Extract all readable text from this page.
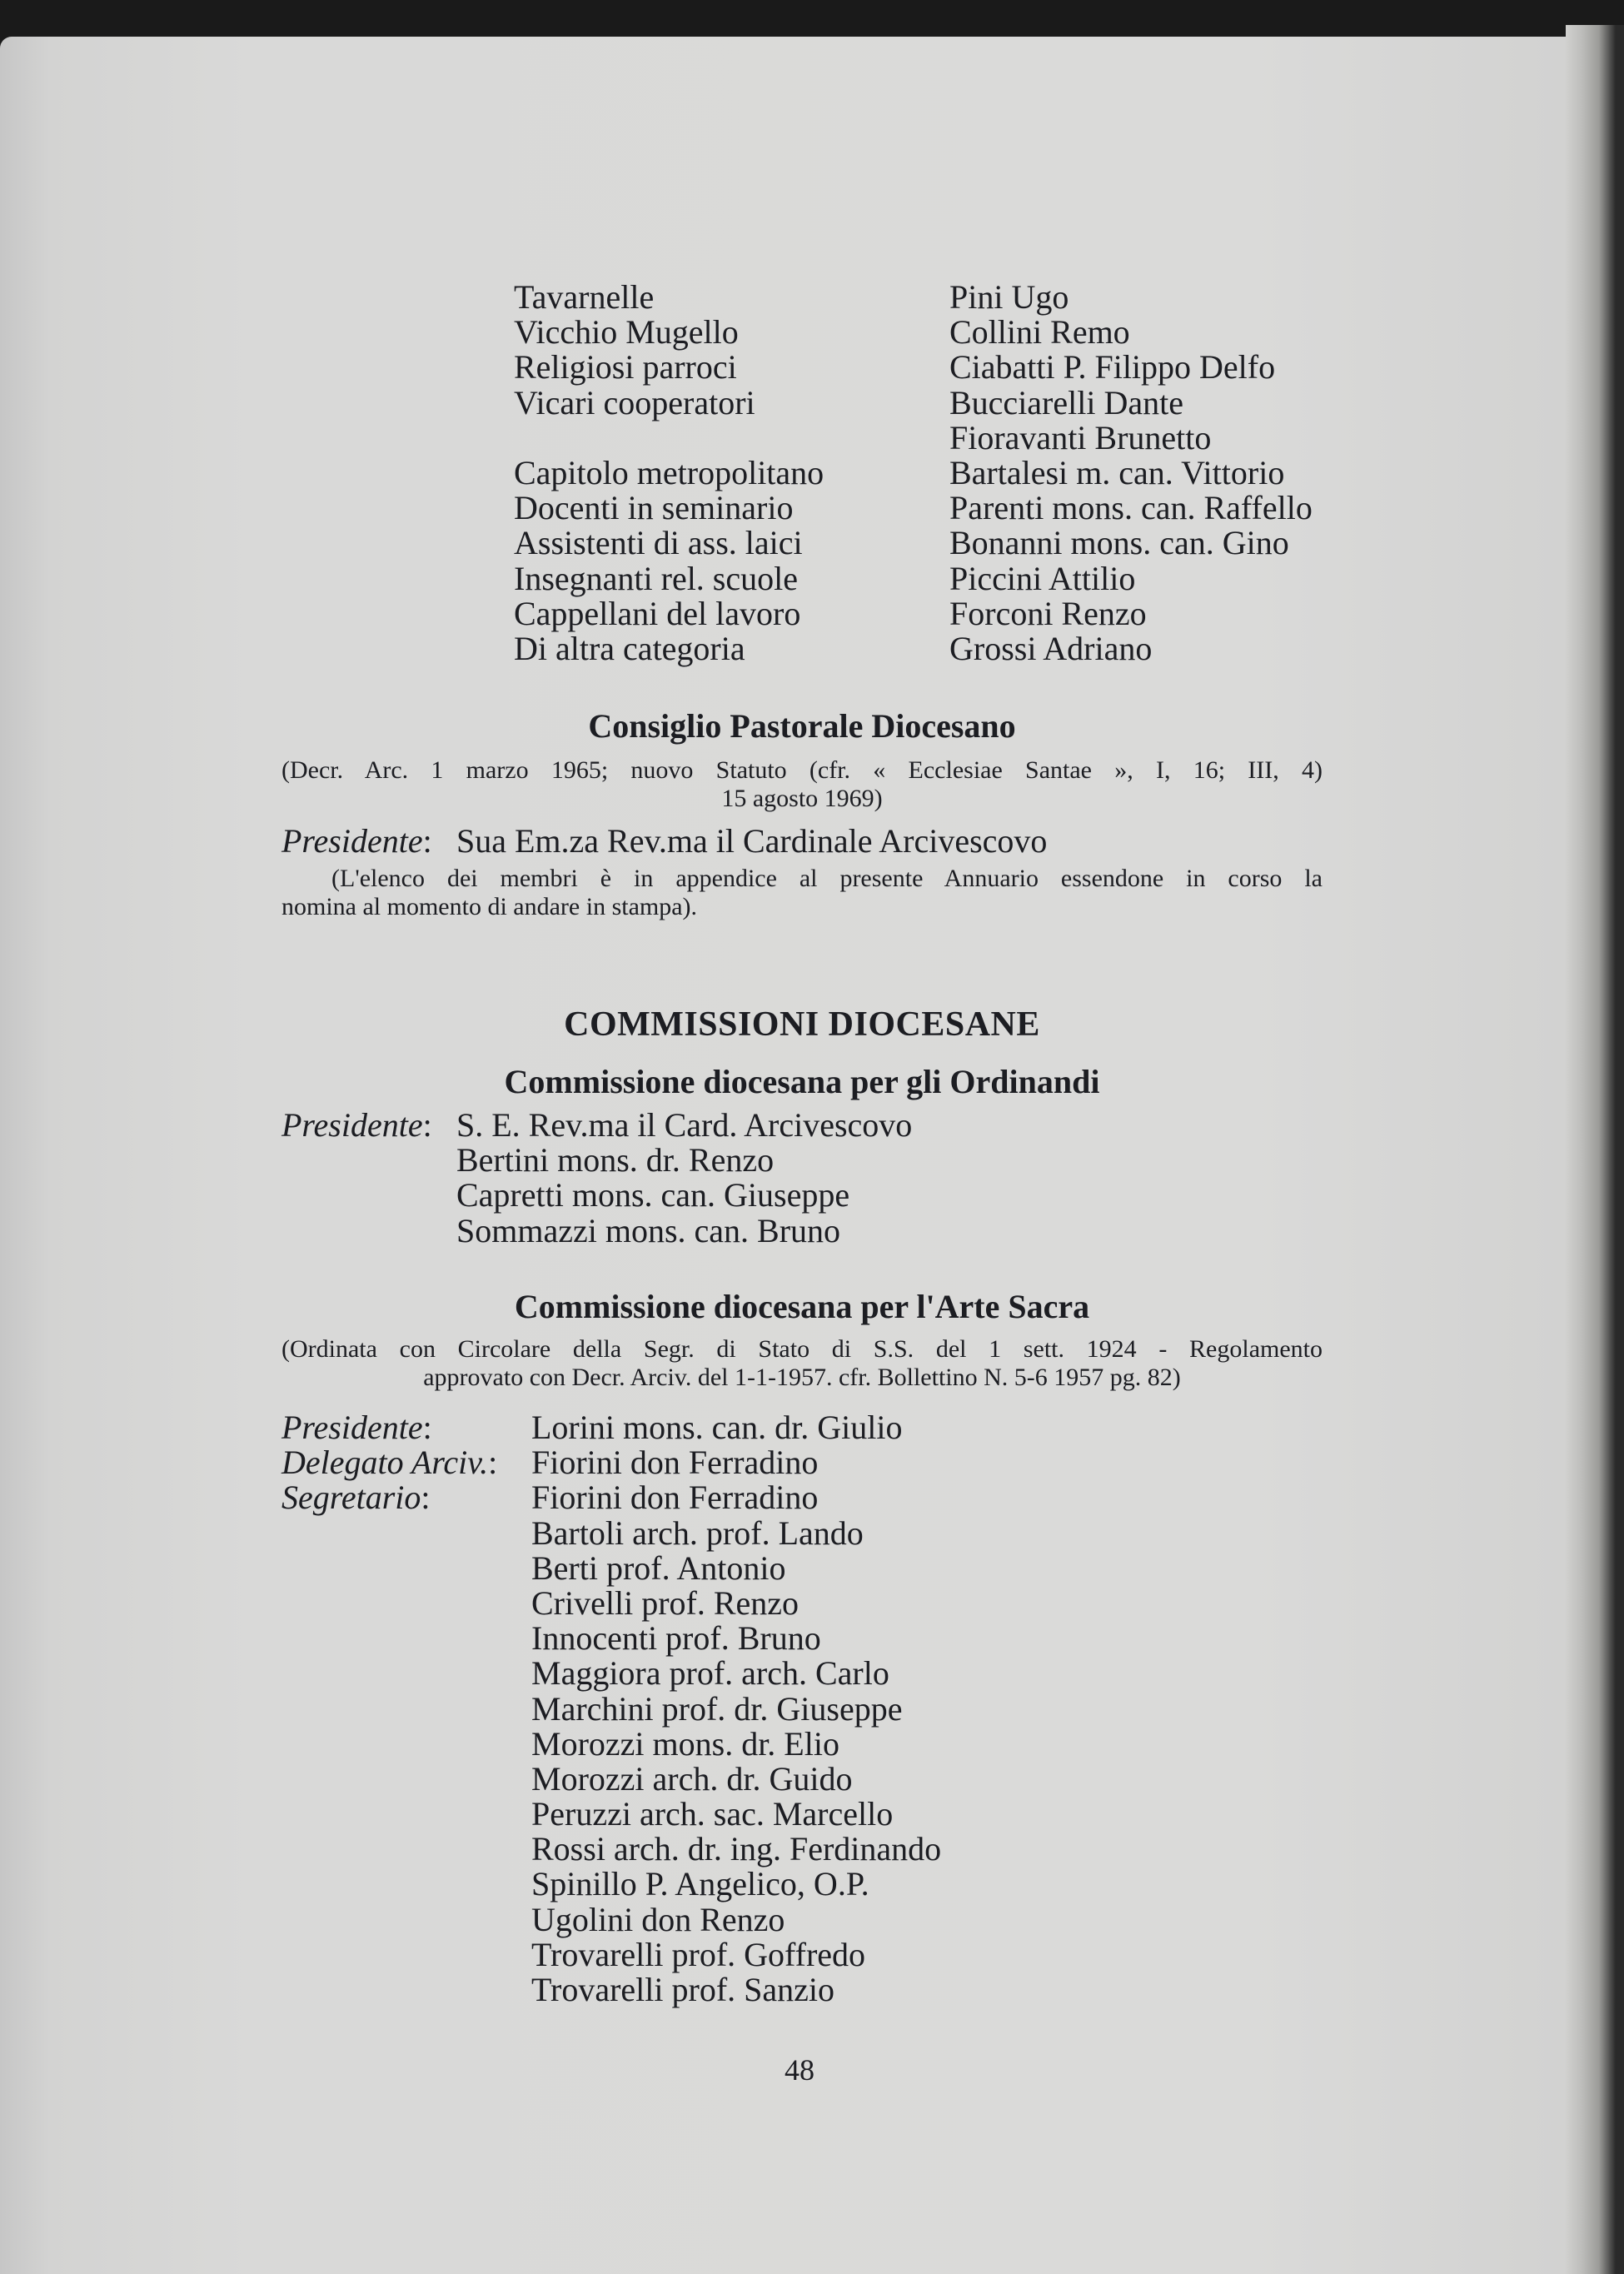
Tavarnelle
Vicchio Mugello
Religiosi parroci
Vicari cooperatori
Capitolo metropolitano
Docenti in seminario
Assistenti di ass. laici
Insegnanti rel. scuole
Cappellani del lavoro
Di altra categoria
Pini Ugo
Collini Remo
Ciabatti P. Filippo Delfo
Bucciarelli Dante
Fioravanti Brunetto
Bartalesi m. can. Vittorio
Parenti mons. can. Raffello
Bonanni mons. can. Gino
Piccini Attilio
Forconi Renzo
Grossi Adriano
Consiglio Pastorale Diocesano
(Decr. Arc. 1 marzo 1965; nuovo Statuto (cfr. « Ecclesiae Santae », I, 16; III, 4)
15 agosto 1969)
Presidente: Sua Em.za Rev.ma il Cardinale Arcivescovo
(L'elenco dei membri è in appendice al presente Annuario essendone in corso la
nomina al momento di andare in stampa).
COMMISSIONI DIOCESANE
Commissione diocesana per gli Ordinandi
Presidente: S. E. Rev.ma il Card. Arcivescovo
Bertini mons. dr. Renzo
Capretti mons. can. Giuseppe
Sommazzi mons. can. Bruno
Commissione diocesana per l'Arte Sacra
(Ordinata con Circolare della Segr. di Stato di S.S. del 1 sett. 1924 - Regolamento
approvato con Decr. Arciv. del 1-1-1957. cfr. Bollettino N. 5-6 1957 pg. 82)
Presidente:
Delegato Arciv.:
Segretario:
Lorini mons. can. dr. Giulio
Fiorini don Ferradino
Fiorini don Ferradino
Bartoli arch. prof. Lando
Berti prof. Antonio
Crivelli prof. Renzo
Innocenti prof. Bruno
Maggiora prof. arch. Carlo
Marchini prof. dr. Giuseppe
Morozzi mons. dr. Elio
Morozzi arch. dr. Guido
Peruzzi arch. sac. Marcello
Rossi arch. dr. ing. Ferdinando
Spinillo P. Angelico, O.P.
Ugolini don Renzo
Trovarelli prof. Goffredo
Trovarelli prof. Sanzio
48
